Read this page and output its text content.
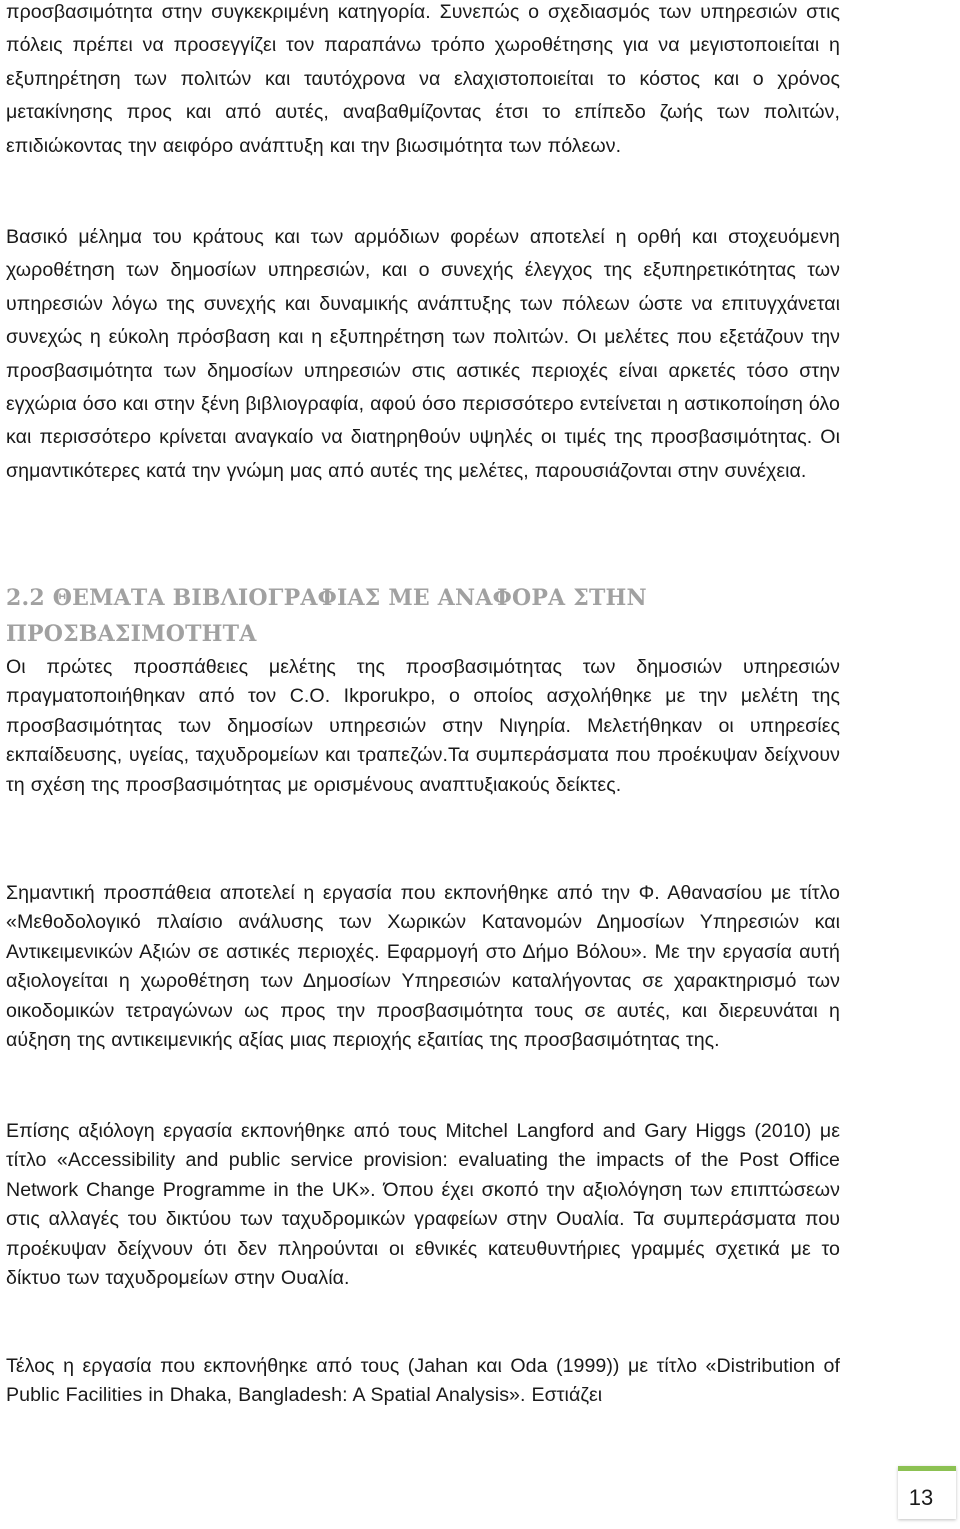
προσβασιμότητα στην συγκεκριμένη κατηγορία. Συνεπώς ο σχεδιασμός των υπηρεσιών στις πόλεις πρέπει να προσεγγίζει τον παραπάνω τρόπο χωροθέτησης για να μεγιστοποιείται η εξυπηρέτηση των πολιτών και ταυτόχρονα να ελαχιστοποιείται το κόστος και ο χρόνος μετακίνησης προς και από αυτές, αναβαθμίζοντας έτσι το επίπεδο ζωής των πολιτών, επιδιώκοντας την αειφόρο ανάπτυξη και την βιωσιμότητα των πόλεων.

Βασικό μέλημα του κράτους και των αρμόδιων φορέων αποτελεί η ορθή και στοχευόμενη χωροθέτηση των δημοσίων υπηρεσιών, και ο συνεχής έλεγχος της εξυπηρετικότητας των υπηρεσιών λόγω της συνεχής και δυναμικής ανάπτυξης των πόλεων ώστε να επιτυγχάνεται συνεχώς η εύκολη πρόσβαση και η εξυπηρέτηση των πολιτών. Οι μελέτες που εξετάζουν την προσβασιμότητα των δημοσίων υπηρεσιών στις αστικές περιοχές είναι αρκετές τόσο στην εγχώρια όσο και στην ξένη βιβλιογραφία, αφού όσο περισσότερο εντείνεται η αστικοποίηση όλο και περισσότερο κρίνεται αναγκαίο να διατηρηθούν υψηλές οι τιμές της προσβασιμότητας. Οι σημαντικότερες κατά την γνώμη μας από αυτές της μελέτες, παρουσιάζονται στην συνέχεια.

2.2 ΘΕΜΑΤΑ ΒΙΒΛΙΟΓΡΑΦΙΑΣ ΜΕ ΑΝΑΦΟΡΑ ΣΤΗΝ
ΠΡΟΣΒΑΣΙΜΟΤΗΤΑ

Οι πρώτες προσπάθειες μελέτης της προσβασιμότητας των δημοσιών υπηρεσιών πραγματοποιήθηκαν από τον C.O. Ikporukpo, ο οποίος ασχολήθηκε με την μελέτη της προσβασιμότητας των δημοσίων υπηρεσιών στην Νιγηρία. Μελετήθηκαν οι υπηρεσίες εκπαίδευσης, υγείας, ταχυδρομείων και τραπεζών.Τα συμπεράσματα που προέκυψαν δείχνουν τη σχέση της προσβασιμότητας με ορισμένους αναπτυξιακούς δείκτες.

Σημαντική προσπάθεια αποτελεί η εργασία που εκπονήθηκε από την Φ. Αθανασίου με τίτλο «Μεθοδολογικό πλαίσιο ανάλυσης των Χωρικών Κατανομών Δημοσίων Υπηρεσιών και Αντικειμενικών Αξιών σε αστικές περιοχές. Εφαρμογή στο Δήμο Βόλου». Με την εργασία αυτή αξιολογείται η χωροθέτηση των Δημοσίων Υπηρεσιών καταλήγοντας σε χαρακτηρισμό των οικοδομικών τετραγώνων ως προς την προσβασιμότητα τους σε αυτές, και διερευνάται η αύξηση της αντικειμενικής αξίας μιας περιοχής εξαιτίας της προσβασιμότητας της.

Επίσης αξιόλογη εργασία εκπονήθηκε από τους Mitchel Langford and Gary Higgs (2010) με τίτλο «Accessibility and public service provision: evaluating the impacts of the Post Office Network Change Programme in the UK». Όπου έχει σκοπό την αξιολόγηση των επιπτώσεων στις αλλαγές του δικτύου των ταχυδρομικών γραφείων στην Ουαλία. Τα συμπεράσματα που προέκυψαν δείχνουν ότι δεν πληρούνται οι εθνικές κατευθυντήριες γραμμές σχετικά με το δίκτυο των ταχυδρομείων στην Ουαλία.

Τέλος η εργασία που εκπονήθηκε από τους (Jahan και Oda (1999)) με τίτλο «Distribution of Public Facilities in Dhaka, Bangladesh: A Spatial Analysis». Εστιάζει

13
